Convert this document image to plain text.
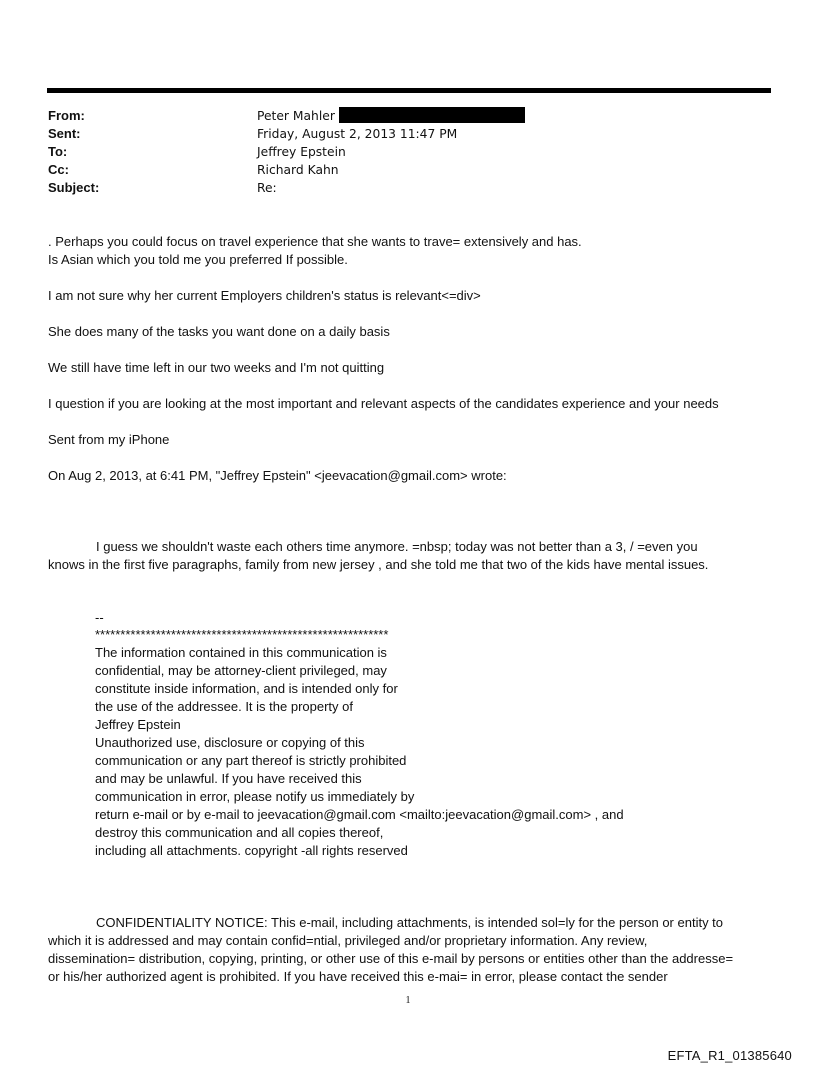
From:	Peter Mahler
Sent:	Friday, August 2, 2013 11:47 PM
To:	Jeffrey Epstein
Cc:	Richard Kahn
Subject:	Re:

. Perhaps you could focus on travel experience that she wants to trave= extensively and has.

Is Asian which you told me you preferred If possible.

I am not sure why her current Employers children's status is relevant<=div>

She does many of the tasks you want done on a daily basis

We still have time left in our two weeks and I'm not quitting

I question if you are looking at the most important and relevant aspects of the candidates experience and your needs

Sent from my iPhone

On Aug 2, 2013, at 6:41 PM, "Jeffrey Epstein" <jeevacation@gmail.com> wrote:

I guess we shouldn't waste each others time anymore. =nbsp; today was not better than a 3, / =even you

knows in the first five paragraphs, family from new jersey , and she told me that two of the kids have mental issues.

--

**********************************************************

The information contained in this communication is

confidential, may be attorney-client privileged, may

constitute inside information, and is intended only for

the use of the addressee. It is the property of

Jeffrey Epstein

Unauthorized use, disclosure or copying of this

communication or any part thereof is strictly prohibited

and may be unlawful. If you have received this

communication in error, please notify us immediately by

return e-mail or by e-mail to jeevacation@gmail.com <mailto:jeevacation@gmail.com> , and

destroy this communication and all copies thereof,

including all attachments. copyright -all rights reserved

CONFIDENTIALITY NOTICE: This e-mail, including attachments, is intended sol=ly for the person or entity to

which it is addressed and may contain confid=ntial, privileged and/or proprietary information. Any review,

dissemination= distribution, copying, printing, or other use of this e-mail by persons or entities other than the addresse=

or his/her authorized agent is prohibited. If you have received this e-mai= in error, please contact the sender

1
EFTA_R1_01385640
